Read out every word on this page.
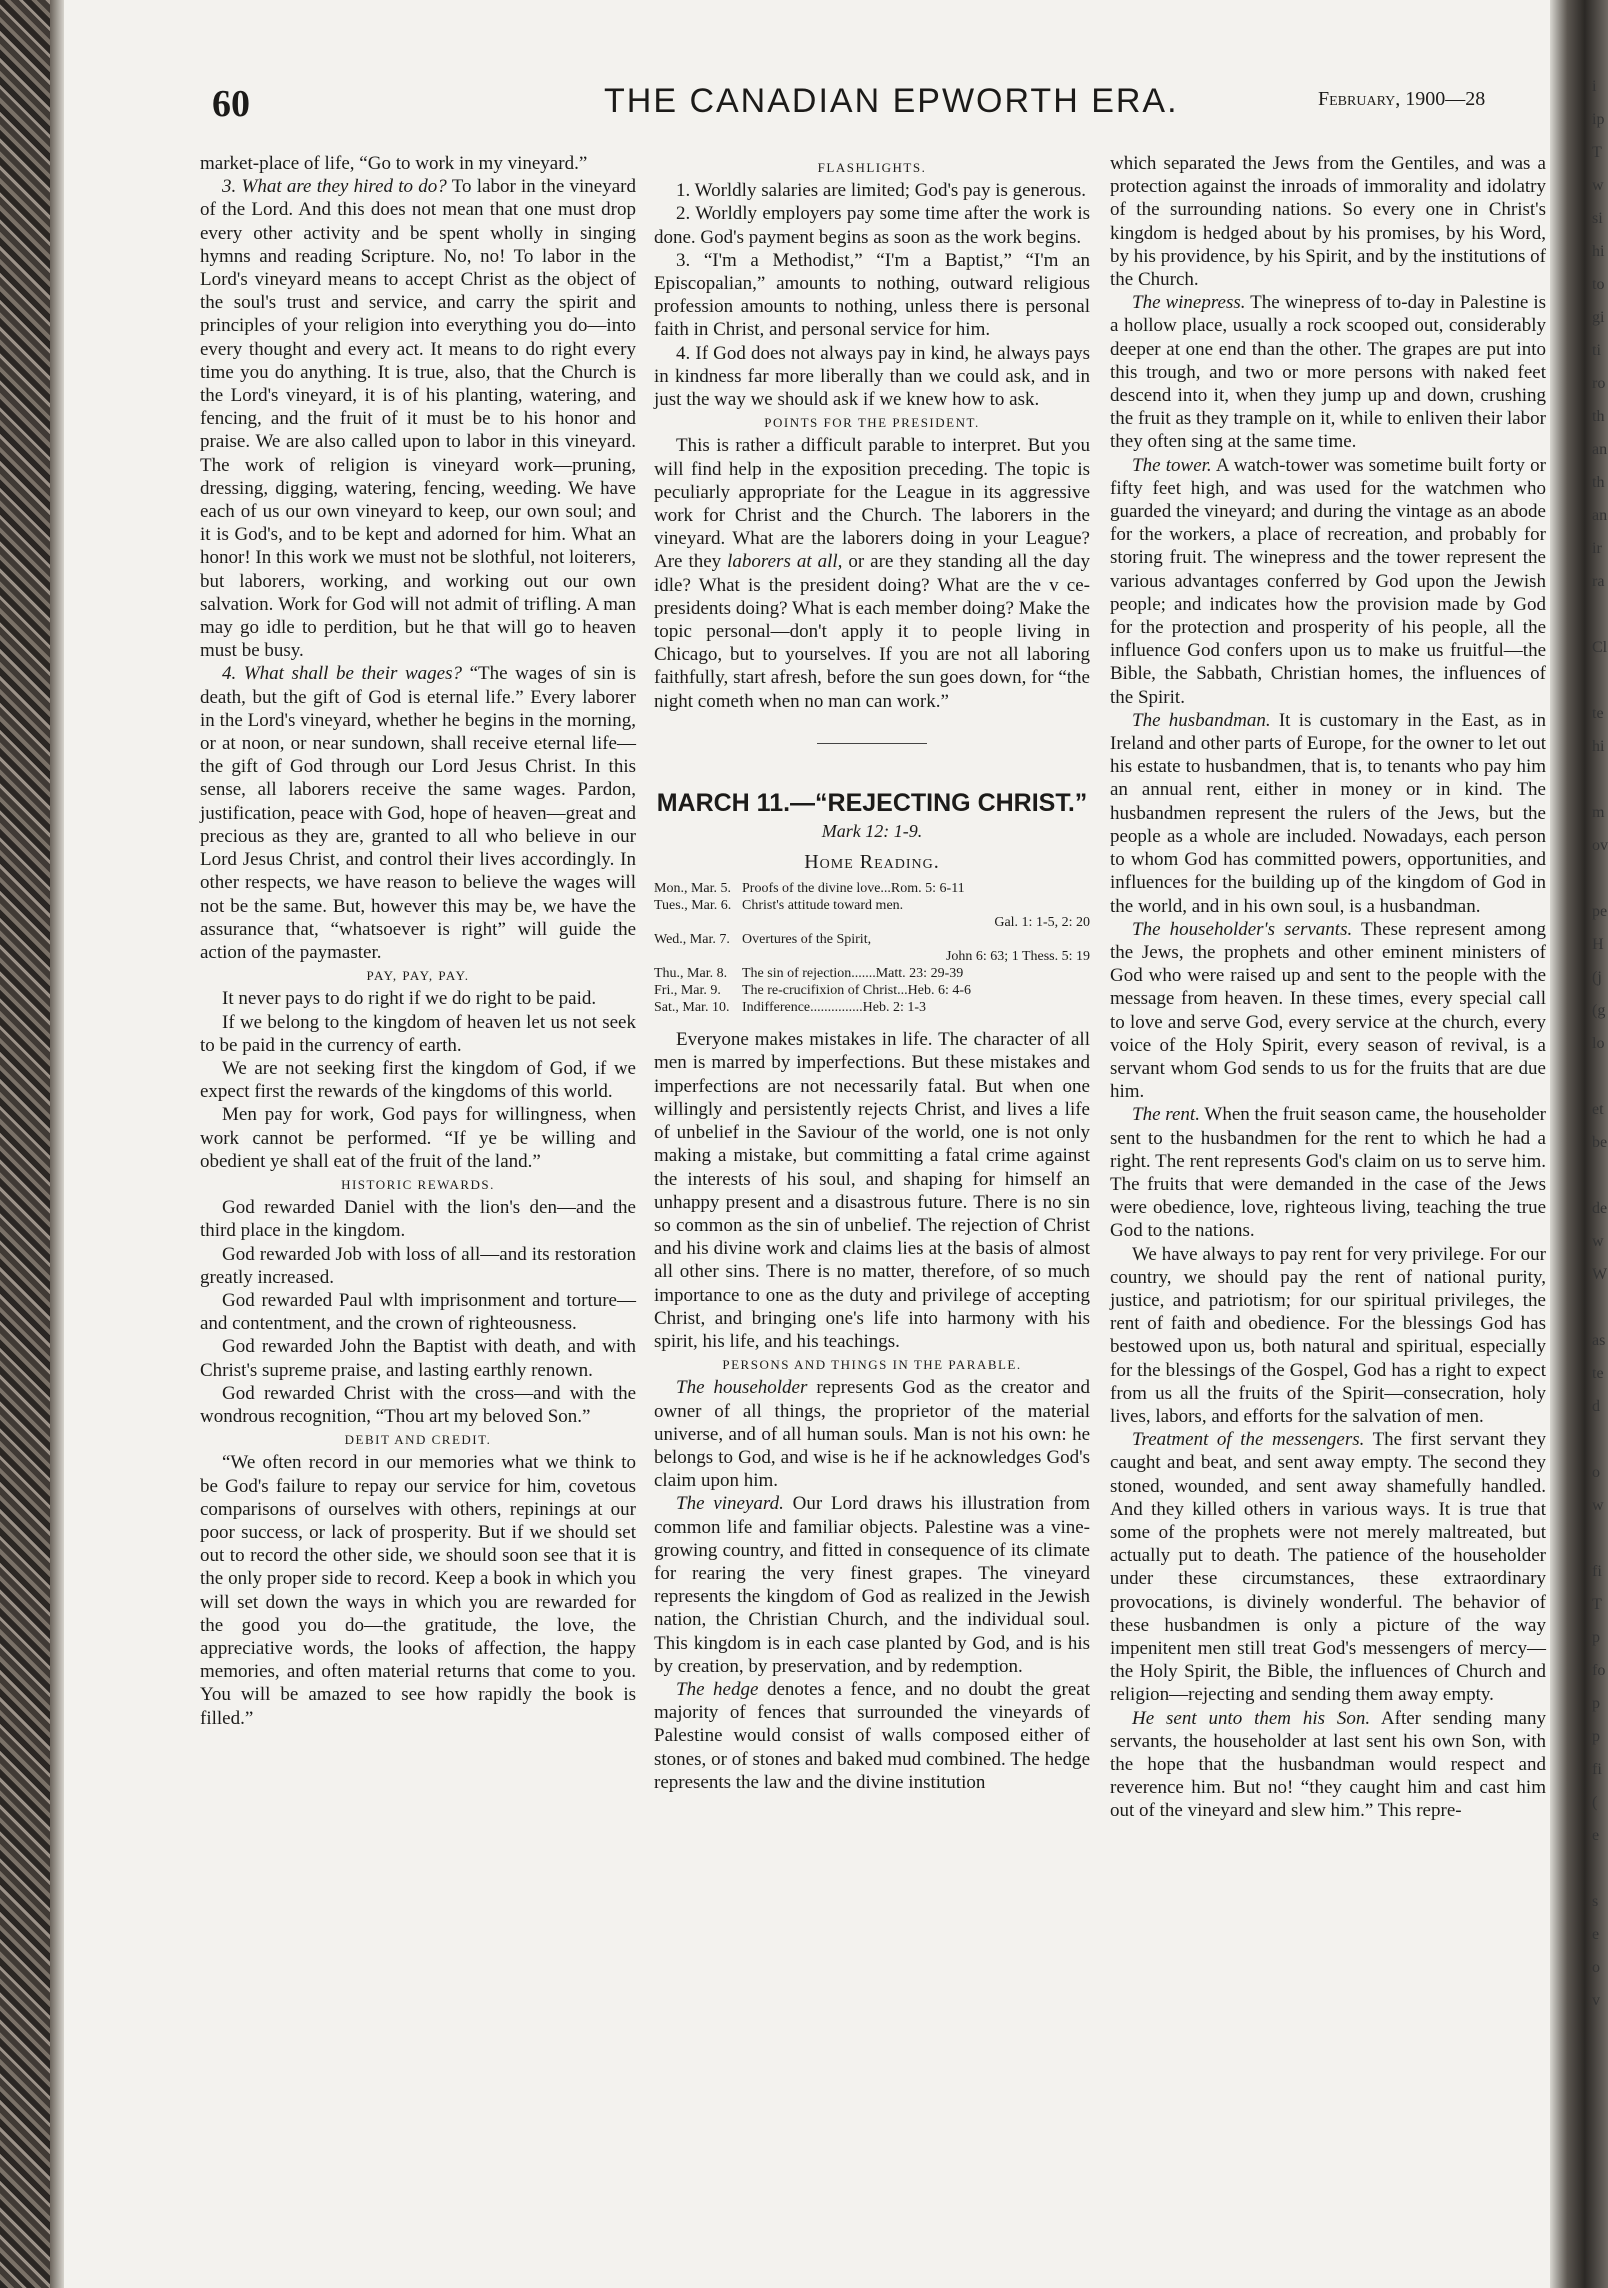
i
ip
T
w
si
hi
to
gi
ti
ro
th
an
th
an
ir
ra

Cl

te
hi

m
ov

pe
H
(j
(g
lo

et
be

de
w
W

as
te
d

o
w

fi
T
p
fo
p
p
fi
(
e

s
e
o
v
60	THE CANADIAN EPWORTH ERA.	February, 1900—28

market-place of life, “Go to work in my vineyard.”

3. What are they hired to do? To labor in the vineyard of the Lord. And this does not mean that one must drop every other activity and be spent wholly in singing hymns and reading Scripture. No, no! To labor in the Lord's vineyard means to accept Christ as the object of the soul's trust and service, and carry the spirit and principles of your religion into everything you do—into every thought and every act. It means to do right every time you do anything. It is true, also, that the Church is the Lord's vineyard, it is of his planting, watering, and fencing, and the fruit of it must be to his honor and praise. We are also called upon to labor in this vineyard. The work of religion is vineyard work—pruning, dressing, digging, watering, fencing, weeding. We have each of us our own vineyard to keep, our own soul; and it is God's, and to be kept and adorned for him. What an honor! In this work we must not be slothful, not loiterers, but laborers, working, and working out our own salvation. Work for God will not admit of trifling. A man may go idle to perdition, but he that will go to heaven must be busy.

4. What shall be their wages? “The wages of sin is death, but the gift of God is eternal life.” Every laborer in the Lord's vineyard, whether he begins in the morning, or at noon, or near sundown, shall receive eternal life—the gift of God through our Lord Jesus Christ. In this sense, all laborers receive the same wages. Pardon, justification, peace with God, hope of heaven—great and precious as they are, granted to all who believe in our Lord Jesus Christ, and control their lives accordingly. In other respects, we have reason to believe the wages will not be the same. But, however this may be, we have the assurance that, “whatsoever is right” will guide the action of the paymaster.

PAY, PAY, PAY.

It never pays to do right if we do right to be paid.

If we belong to the kingdom of heaven let us not seek to be paid in the currency of earth.

We are not seeking first the kingdom of God, if we expect first the rewards of the kingdoms of this world.

Men pay for work, God pays for willingness, when work cannot be performed. “If ye be willing and obedient ye shall eat of the fruit of the land.”

HISTORIC REWARDS.

God rewarded Daniel with the lion's den—and the third place in the kingdom.

God rewarded Job with loss of all—and its restoration greatly increased.

God rewarded Paul wlth imprisonment and torture—and contentment, and the crown of righteousness.

God rewarded John the Baptist with death, and with Christ's supreme praise, and lasting earthly renown.

God rewarded Christ with the cross—and with the wondrous recognition, “Thou art my beloved Son.”

DEBIT AND CREDIT.

“We often record in our memories what we think to be God's failure to repay our service for him, covetous comparisons of ourselves with others, repinings at our poor success, or lack of prosperity. But if we should set out to record the other side, we should soon see that it is the only proper side to record. Keep a book in which you will set down the ways in which you are rewarded for the good you do—the gratitude, the love, the appreciative words, the looks of affection, the happy memories, and often material returns that come to you. You will be amazed to see how rapidly the book is filled.”

FLASHLIGHTS.

1. Worldly salaries are limited; God's pay is generous.

2. Worldly employers pay some time after the work is done. God's payment begins as soon as the work begins.

3. “I'm a Methodist,” “I'm a Baptist,” “I'm an Episcopalian,” amounts to nothing, outward religious profession amounts to nothing, unless there is personal faith in Christ, and personal service for him.

4. If God does not always pay in kind, he always pays in kindness far more liberally than we could ask, and in just the way we should ask if we knew how to ask.

POINTS FOR THE PRESIDENT.

This is rather a difficult parable to interpret. But you will find help in the exposition preceding. The topic is peculiarly appropriate for the League in its aggressive work for Christ and the Church. The laborers in the vineyard. What are the laborers doing in your League? Are they laborers at all, or are they standing all the day idle? What is the president doing? What are the v ce-presidents doing? What is each member doing? Make the topic personal—don't apply it to people living in Chicago, but to yourselves. If you are not all laboring faithfully, start afresh, before the sun goes down, for “the night cometh when no man can work.”

MARCH 11.—“REJECTING CHRIST.”
Mark 12: 1-9.
Home Reading.
Mon., Mar. 5.	Proofs of the divine love...Rom. 5: 6-11
Tues., Mar. 6.	Christ's attitude toward men.
	Gal. 1: 1-5, 2: 20
Wed., Mar. 7.	Overtures of the Spirit,
	John 6: 63; 1 Thess. 5: 19
Thu., Mar. 8.	The sin of rejection.......Matt. 23: 29-39
Fri., Mar. 9.	The re-crucifixion of Christ...Heb. 6: 4-6
Sat., Mar. 10.	Indifference...............Heb. 2: 1-3

Everyone makes mistakes in life. The character of all men is marred by imperfections. But these mistakes and imperfections are not necessarily fatal. But when one willingly and persistently rejects Christ, and lives a life of unbelief in the Saviour of the world, one is not only making a mistake, but committing a fatal crime against the interests of his soul, and shaping for himself an unhappy present and a disastrous future. There is no sin so common as the sin of unbelief. The rejection of Christ and his divine work and claims lies at the basis of almost all other sins. There is no matter, therefore, of so much importance to one as the duty and privilege of accepting Christ, and bringing one's life into harmony with his spirit, his life, and his teachings.

PERSONS AND THINGS IN THE PARABLE.

The householder represents God as the creator and owner of all things, the proprietor of the material universe, and of all human souls. Man is not his own: he belongs to God, and wise is he if he acknowledges God's claim upon him.

The vineyard. Our Lord draws his illustration from common life and familiar objects. Palestine was a vine-growing country, and fitted in consequence of its climate for rearing the very finest grapes. The vineyard represents the kingdom of God as realized in the Jewish nation, the Christian Church, and the individual soul. This kingdom is in each case planted by God, and is his by creation, by preservation, and by redemption.

The hedge denotes a fence, and no doubt the great majority of fences that surrounded the vineyards of Palestine would consist of walls composed either of stones, or of stones and baked mud combined. The hedge represents the law and the divine institution

which separated the Jews from the Gentiles, and was a protection against the inroads of immorality and idolatry of the surrounding nations. So every one in Christ's kingdom is hedged about by his promises, by his Word, by his providence, by his Spirit, and by the institutions of the Church.

The winepress. The winepress of to-day in Palestine is a hollow place, usually a rock scooped out, considerably deeper at one end than the other. The grapes are put into this trough, and two or more persons with naked feet descend into it, when they jump up and down, crushing the fruit as they trample on it, while to enliven their labor they often sing at the same time.

The tower. A watch-tower was sometime built forty or fifty feet high, and was used for the watchmen who guarded the vineyard; and during the vintage as an abode for the workers, a place of recreation, and probably for storing fruit. The winepress and the tower represent the various advantages conferred by God upon the Jewish people; and indicates how the provision made by God for the protection and prosperity of his people, all the influence God confers upon us to make us fruitful—the Bible, the Sabbath, Christian homes, the influences of the Spirit.

The husbandman. It is customary in the East, as in Ireland and other parts of Europe, for the owner to let out his estate to husbandmen, that is, to tenants who pay him an annual rent, either in money or in kind. The husbandmen represent the rulers of the Jews, but the people as a whole are included. Nowadays, each person to whom God has committed powers, opportunities, and influences for the building up of the kingdom of God in the world, and in his own soul, is a husbandman.

The householder's servants. These represent among the Jews, the prophets and other eminent ministers of God who were raised up and sent to the people with the message from heaven. In these times, every special call to love and serve God, every service at the church, every voice of the Holy Spirit, every season of revival, is a servant whom God sends to us for the fruits that are due him.

The rent. When the fruit season came, the householder sent to the husbandmen for the rent to which he had a right. The rent represents God's claim on us to serve him. The fruits that were demanded in the case of the Jews were obedience, love, righteous living, teaching the true God to the nations.

We have always to pay rent for very privilege. For our country, we should pay the rent of national purity, justice, and patriotism; for our spiritual privileges, the rent of faith and obedience. For the blessings God has bestowed upon us, both natural and spiritual, especially for the blessings of the Gospel, God has a right to expect from us all the fruits of the Spirit—consecration, holy lives, labors, and efforts for the salvation of men.

Treatment of the messengers. The first servant they caught and beat, and sent away empty. The second they stoned, wounded, and sent away shamefully handled. And they killed others in various ways. It is true that some of the prophets were not merely maltreated, but actually put to death. The patience of the householder under these circumstances, these extraordinary provocations, is divinely wonderful. The behavior of these husbandmen is only a picture of the way impenitent men still treat God's messengers of mercy—the Holy Spirit, the Bible, the influences of Church and religion—rejecting and sending them away empty.

He sent unto them his Son. After sending many servants, the householder at last sent his own Son, with the hope that the husbandman would respect and reverence him. But no! “they caught him and cast him out of the vineyard and slew him.” This repre-
